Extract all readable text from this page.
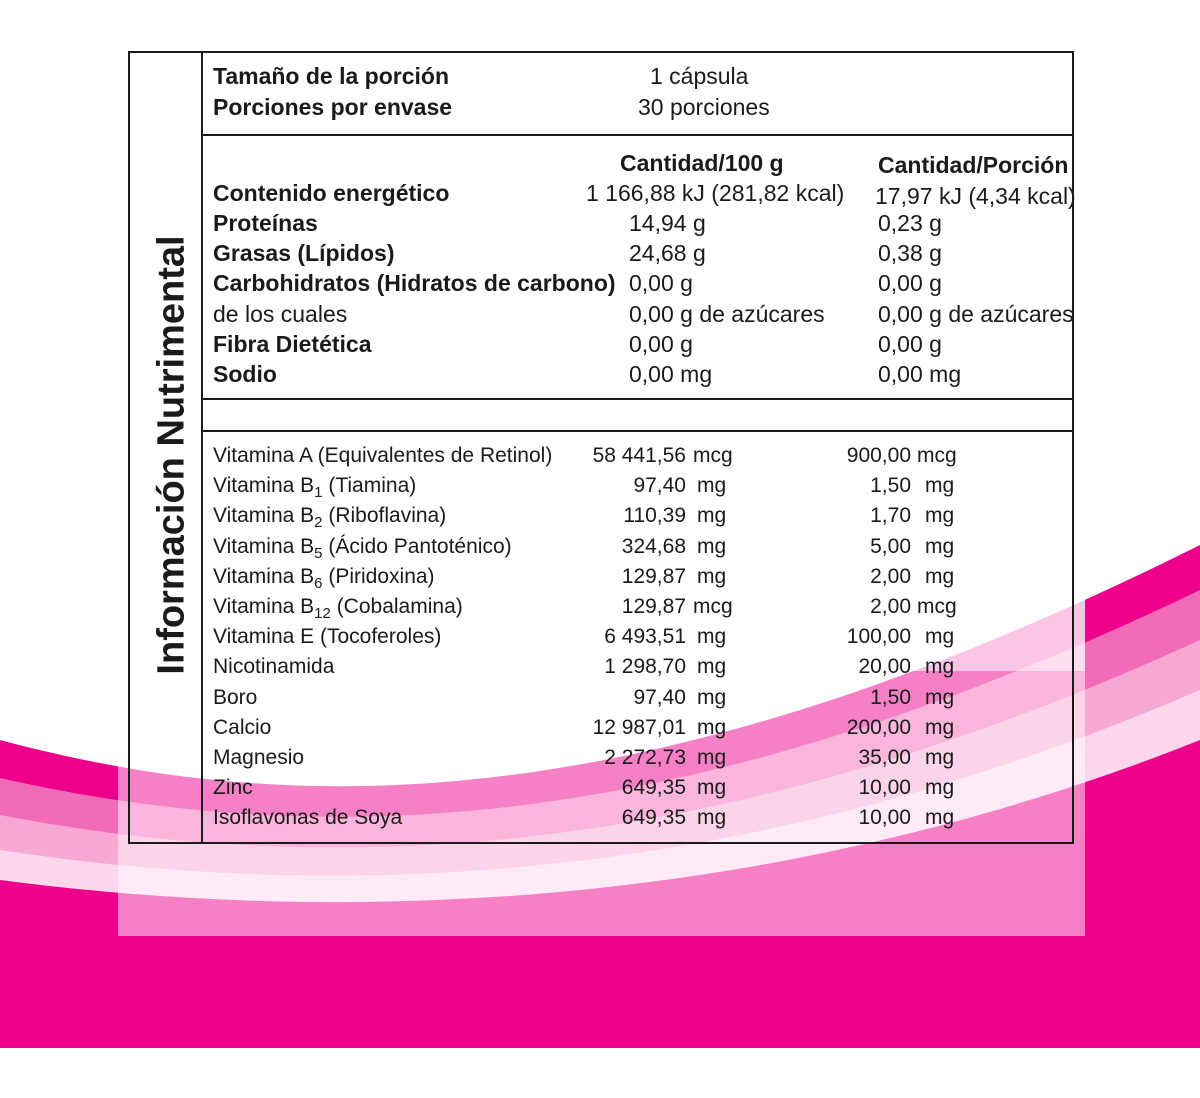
Información Nutrimental
Tamaño de la porción	1 cápsula
Porciones por envase	30 porciones
Cantidad/100 g	Cantidad/Porción
Contenido energético	1 166,88 kJ (281,82 kcal) 17,97 kJ (4,34 kcal)
Proteínas	14,94 g	0,23 g
Grasas (Lípidos)	24,68 g	0,38 g
Carbohidratos (Hidratos de carbono) 0,00 g	0,00 g
de los cuales	0,00 g de azúcares 0,00 g de azúcares
Fibra Dietética	0,00 g	0,00 g
Sodio	0,00 mg	0,00 mg
Vitamina A (Equivalentes de Retinol) 58 441,56 mcg	900,00 mcg
Vitamina $B_1$ (Tiamina)	97,40 mg	1,50 mg
Vitamina $B_2$ (Riboflavina)	110,39 mg	1,70 mg
Vitamina $B_5$ (Ácido Pantoténico)	324,68 mg	5,00 mg
Vitamina $B_6$ (Piridoxina)	129,87 mg	2,00 mg
Vitamina $B_{12}$ (Cobalamina)	129,87 mcg	2,00 mcg
Vitamina E (Tocoferoles)	6 493,51 mg	100,00 mg
Nicotinamida	1 298,70 mg	20,00 mg
Boro	97,40 mg	1,50 mg
Calcio	12 987,01 mg	200,00 mg
Magnesio	2 272,73 mg	35,00 mg
Zinc	649,35 mg	10,00 mg
Isoflavonas de Soya	649,35 mg	10,00 mg
